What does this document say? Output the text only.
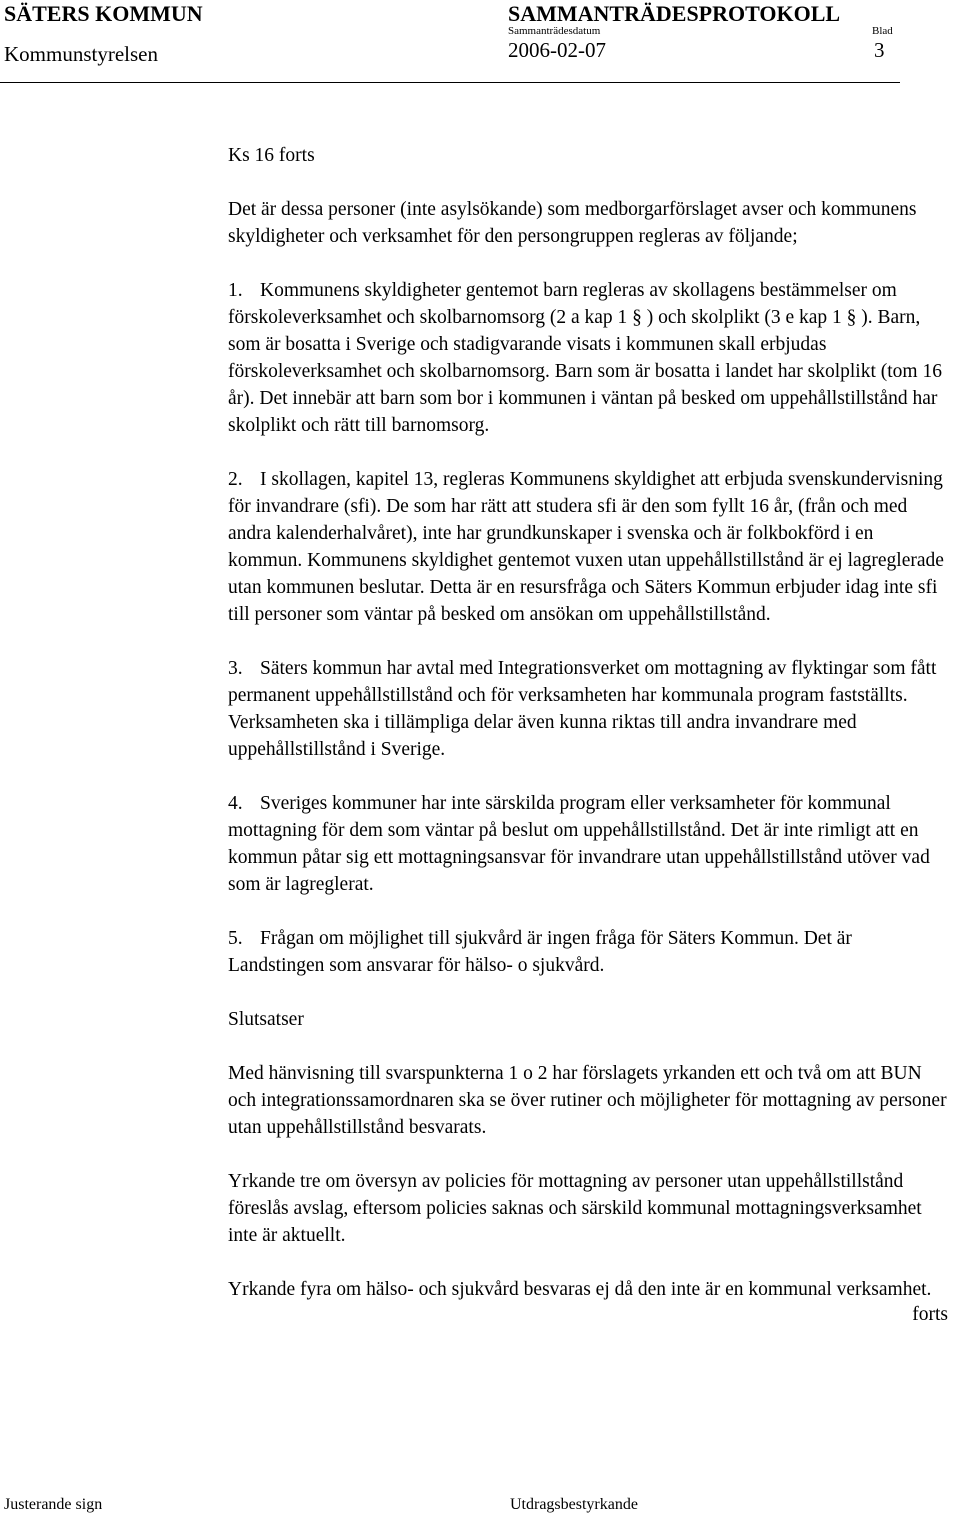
SÄTERS KOMMUN
Kommunstyrelsen
SAMMANTRÄDESPROTOKOLL
Sammanträdesdatum	Blad
2006-02-07	3

Ks 16 forts

Det är dessa personer (inte asylsökande) som medborgarförslaget avser och kommunens skyldigheter och verksamhet för den persongruppen regleras av följande;

1. Kommunens skyldigheter gentemot barn regleras av skollagens bestämmelser om förskoleverksamhet och skolbarnomsorg (2 a kap 1 § ) och skolplikt (3 e kap 1 § ). Barn, som är bosatta i Sverige och stadigvarande visats i kommunen skall erbjudas förskoleverksamhet och skolbarnomsorg. Barn som är bosatta i landet har skolplikt (tom 16 år). Det innebär att barn som bor i kommunen i väntan på besked om uppehållstillstånd har skolplikt och rätt till barnomsorg.

2. I skollagen, kapitel 13, regleras Kommunens skyldighet att erbjuda svenskundervisning för invandrare (sfi). De som har rätt att studera sfi är den som fyllt 16 år, (från och med andra kalenderhalvåret), inte har grundkunskaper i svenska och är folkbokförd i en kommun. Kommunens skyldighet gentemot vuxen utan uppehållstillstånd är ej lagreglerade utan kommunen beslutar. Detta är en resursfråga och Säters Kommun erbjuder idag inte sfi till personer som väntar på besked om ansökan om uppehållstillstånd.

3. Säters kommun har avtal med Integrationsverket om mottagning av flyktingar som fått permanent uppehållstillstånd och för verksamheten har kommunala program fastställts. Verksamheten ska i tillämpliga delar även kunna riktas till andra invandrare med uppehållstillstånd i Sverige.

4. Sveriges kommuner har inte särskilda program eller verksamheter för kommunal mottagning för dem som väntar på beslut om uppehållstillstånd. Det är inte rimligt att en kommun påtar sig ett mottagningsansvar för invandrare utan uppehållstillstånd utöver vad som är lagreglerat.

5. Frågan om möjlighet till sjukvård är ingen fråga för Säters Kommun. Det är Landstingen som ansvarar för hälso- o sjukvård.

Slutsatser

Med hänvisning till svarspunkterna 1 o 2 har förslagets yrkanden ett och två om att BUN och integrationssamordnaren ska se över rutiner och möjligheter för mottagning av personer utan uppehållstillstånd besvarats.

Yrkande tre om översyn av policies för mottagning av personer utan uppehållstillstånd föreslås avslag, eftersom policies saknas och särskild kommunal mottagningsverksamhet inte är aktuellt.

Yrkande fyra om hälso- och sjukvård besvaras ej då den inte är en kommunal verksamhet.

forts
Justerande sign	Utdragsbestyrkande
